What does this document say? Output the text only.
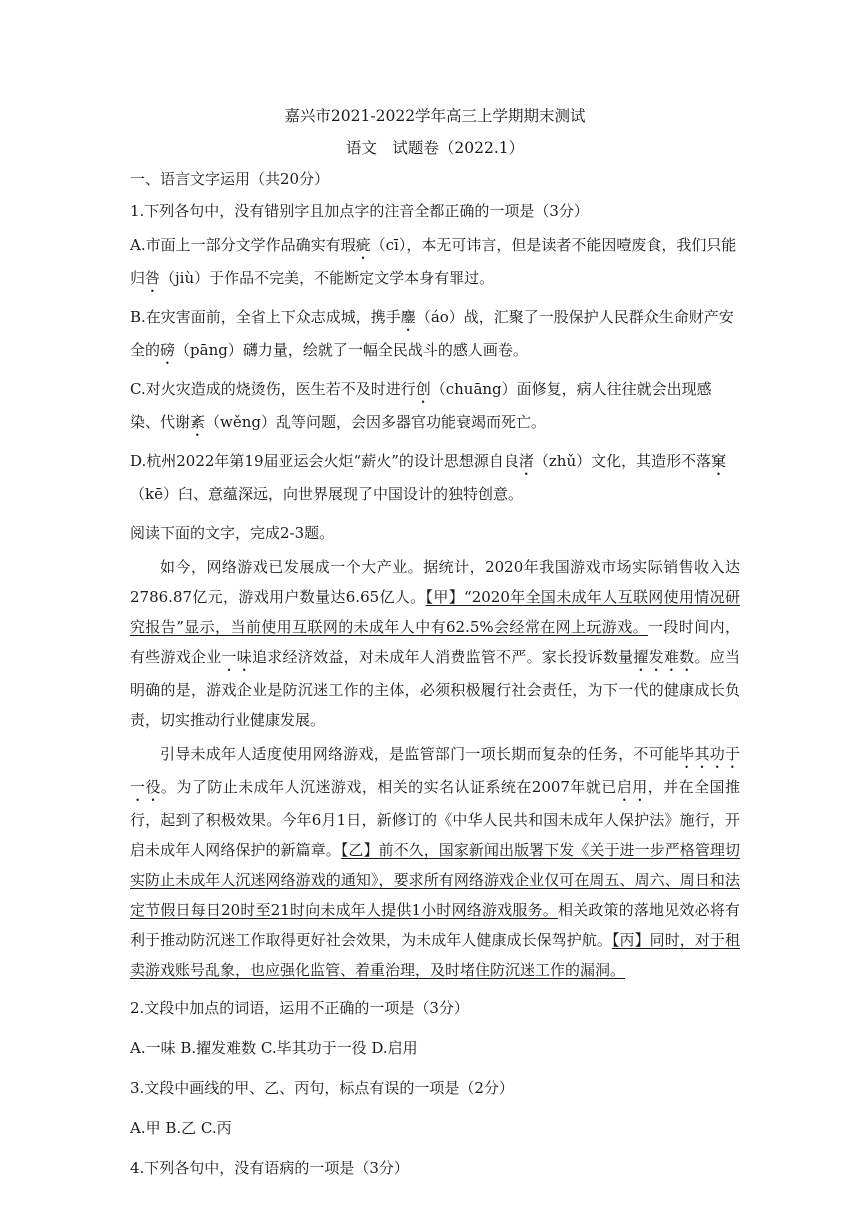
嘉兴市2021-2022学年高三上学期期末测试

语文　试题卷（2022.1）

一、语言文字运用（共20分）

1.下列各句中，没有错别字且加点字的注音全都正确的一项是（3分）

A.市面上一部分文学作品确实有瑕疵（cī），本无可讳言，但是读者不能因噎废食，我们只能归咎（jiù）于作品不完美，不能断定文学本身有罪过。

B.在灾害面前，全省上下众志成城，携手鏖（áo）战，汇聚了一股保护人民群众生命财产安全的磅（pāng）礴力量，绘就了一幅全民战斗的感人画卷。

C.对火灾造成的烧烫伤，医生若不及时进行创（chuāng）面修复，病人往往就会出现感染、代谢紊（wěng）乱等问题，会因多器官功能衰竭而死亡。

D.杭州2022年第19届亚运会火炬“薪火”的设计思想源自良渚（zhǔ）文化，其造形不落窠（kē）臼、意蕴深远，向世界展现了中国设计的独特创意。

阅读下面的文字，完成2-3题。

如今，网络游戏已发展成一个大产业。据统计，2020年我国游戏市场实际销售收入达2786.87亿元，游戏用户数量达6.65亿人。【甲】“2020年全国未成年人互联网使用情况研究报告”显示，当前使用互联网的未成年人中有62.5%会经常在网上玩游戏。一段时间内，有些游戏企业一味追求经济效益，对未成年人消费监管不严。家长投诉数量擢发难数。应当明确的是，游戏企业是防沉迷工作的主体，必须积极履行社会责任，为下一代的健康成长负责，切实推动行业健康发展。

引导未成年人适度使用网络游戏，是监管部门一项长期而复杂的任务，不可能毕其功于一役。为了防止未成年人沉迷游戏，相关的实名认证系统在2007年就已启用，并在全国推行，起到了积极效果。今年6月1日，新修订的《中华人民共和国未成年人保护法》施行，开启未成年人网络保护的新篇章。【乙】前不久，国家新闻出版署下发《关于进一步严格管理切实防止未成年人沉迷网络游戏的通知》，要求所有网络游戏企业仅可在周五、周六、周日和法定节假日每日20时至21时向未成年人提供1小时网络游戏服务。相关政策的落地见效必将有利于推动防沉迷工作取得更好社会效果，为未成年人健康成长保驾护航。【丙】同时，对于租卖游戏账号乱象，也应强化监管、着重治理，及时堵住防沉迷工作的漏洞。

2.文段中加点的词语，运用不正确的一项是（3分）

A.一味 B.擢发难数 C.毕其功于一役 D.启用

3.文段中画线的甲、乙、丙句，标点有误的一项是（2分）

A.甲 B.乙 C.丙

4.下列各句中，没有语病的一项是（3分）
